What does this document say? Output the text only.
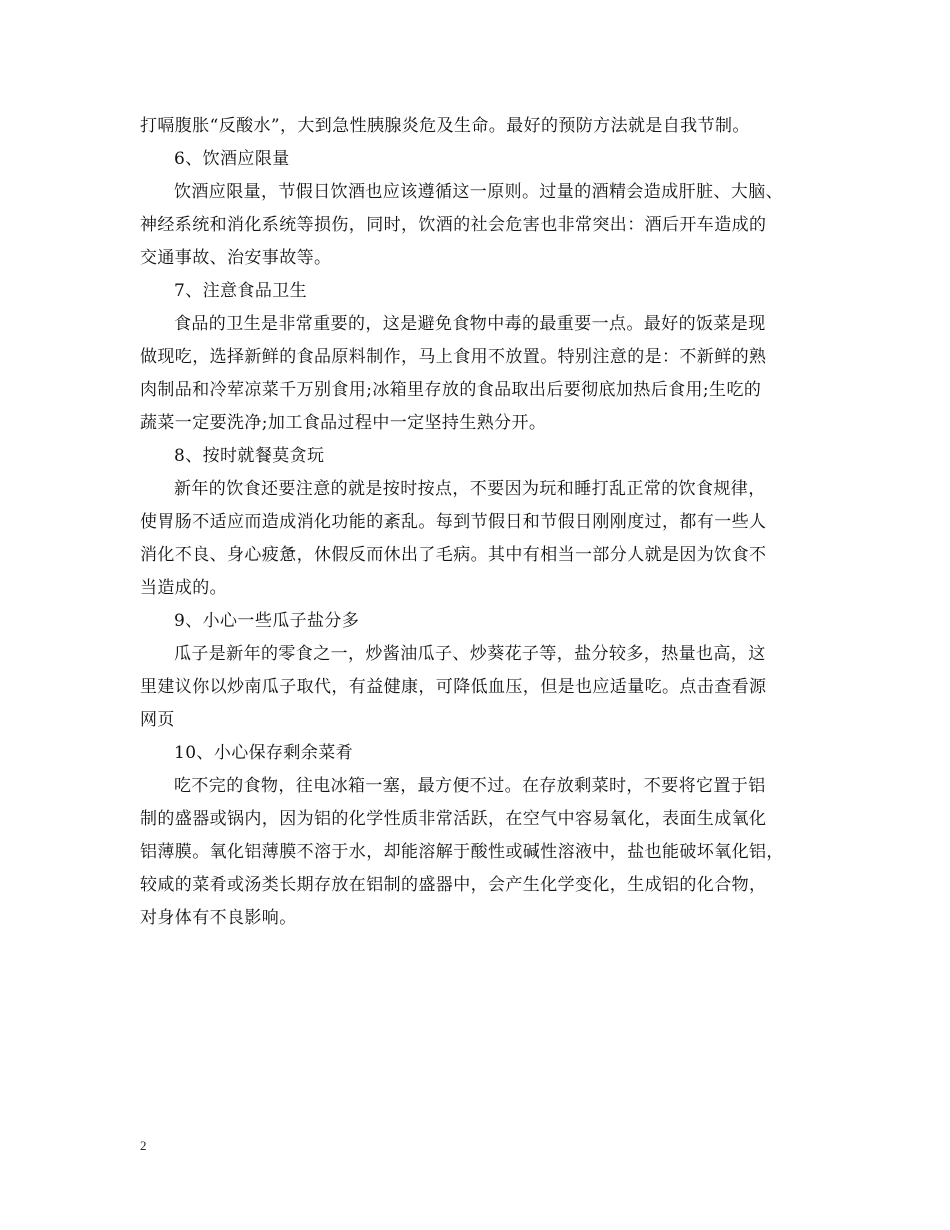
打嗝腹胀“反酸水”，大到急性胰腺炎危及生命。最好的预防方法就是自我节制。
6、饮酒应限量
饮酒应限量，节假日饮酒也应该遵循这一原则。过量的酒精会造成肝脏、大脑、
神经系统和消化系统等损伤，同时，饮酒的社会危害也非常突出：酒后开车造成的
交通事故、治安事故等。
7、注意食品卫生
食品的卫生是非常重要的，这是避免食物中毒的最重要一点。最好的饭菜是现
做现吃，选择新鲜的食品原料制作，马上食用不放置。特别注意的是：不新鲜的熟
肉制品和冷荤凉菜千万别食用;冰箱里存放的食品取出后要彻底加热后食用;生吃的
蔬菜一定要洗净;加工食品过程中一定坚持生熟分开。
8、按时就餐莫贪玩
新年的饮食还要注意的就是按时按点，不要因为玩和睡打乱正常的饮食规律，
使胃肠不适应而造成消化功能的紊乱。每到节假日和节假日刚刚度过，都有一些人
消化不良、身心疲惫，休假反而休出了毛病。其中有相当一部分人就是因为饮食不
当造成的。
9、小心一些瓜子盐分多
瓜子是新年的零食之一，炒酱油瓜子、炒葵花子等，盐分较多，热量也高，这
里建议你以炒南瓜子取代，有益健康，可降低血压，但是也应适量吃。点击查看源
网页
10、小心保存剩余菜肴
吃不完的食物，往电冰箱一塞，最方便不过。在存放剩菜时，不要将它置于铝
制的盛器或锅内，因为铝的化学性质非常活跃，在空气中容易氧化，表面生成氧化
铝薄膜。氧化铝薄膜不溶于水，却能溶解于酸性或碱性溶液中，盐也能破坏氧化铝，
较咸的菜肴或汤类长期存放在铝制的盛器中，会产生化学变化，生成铝的化合物，
对身体有不良影响。
2
